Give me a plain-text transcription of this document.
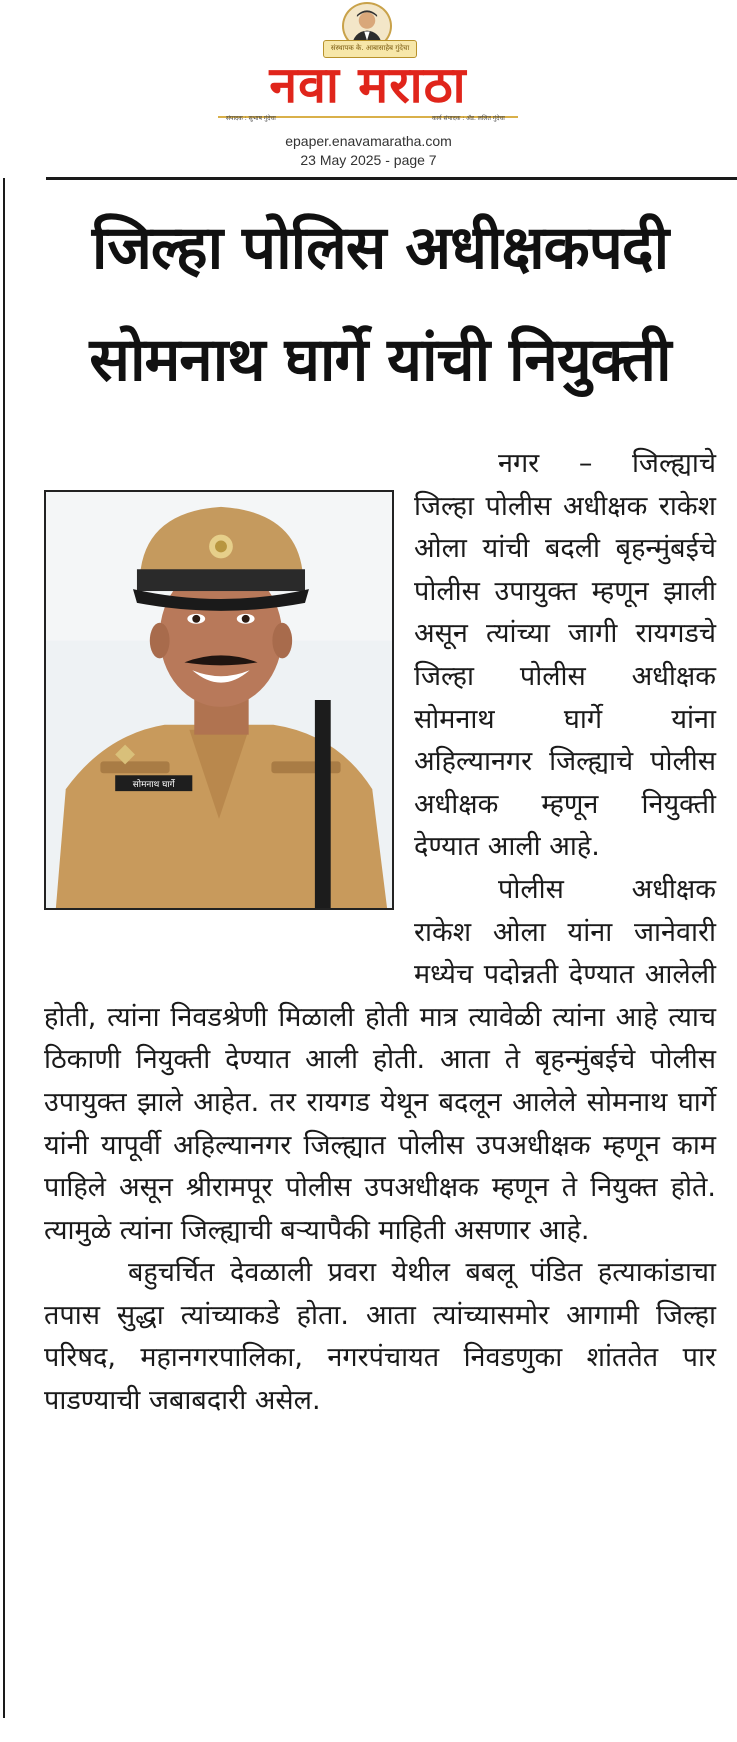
संस्थापक के. आबासाहेब गुंदेचा
नवा मराठा
संपादक : सुभाष गुंदेचा	कार्य संपादक : ॲड. ललित गुंदेचा
epaper.enavamaratha.com
23 May 2025 - page 7
जिल्हा पोलिस अधीक्षकपदी
सोमनाथ घार्गे यांची नियुक्ती
सोमनाथ घार्गे

नगर – जिल्ह्याचे जिल्हा पोलीस अधीक्षक राकेश ओला यांची बदली बृहन्मुंबईचे पोलीस उपायुक्त म्हणून झाली असून त्यांच्या जागी रायगडचे जिल्हा पोलीस अधीक्षक सोमनाथ घार्गे यांना अहिल्यानगर जिल्ह्याचे पोलीस अधीक्षक म्हणून नियुक्ती देण्यात आली आहे.

पोलीस अधीक्षक राकेश ओला यांना जानेवारी मध्येच पदोन्नती देण्यात आलेली होती, त्यांना निवडश्रेणी मिळाली होती मात्र त्यावेळी त्यांना आहे त्याच ठिकाणी नियुक्ती देण्यात आली होती. आता ते बृहन्मुंबईचे पोलीस उपायुक्त झाले आहेत. तर रायगड येथून बदलून आलेले सोमनाथ घार्गे यांनी यापूर्वी अहिल्यानगर जिल्ह्यात पोलीस उपअधीक्षक म्हणून काम पाहिले असून श्रीरामपूर पोलीस उपअधीक्षक म्हणून ते नियुक्त होते. त्यामुळे त्यांना जिल्ह्याची बऱ्यापैकी माहिती असणार आहे.

बहुचर्चित देवळाली प्रवरा येथील बबलू पंडित हत्याकांडाचा तपास सुद्धा त्यांच्याकडे होता. आता त्यांच्यासमोर आगामी जिल्हा परिषद, महानगरपालिका, नगरपंचायत निवडणुका शांततेत पार पाडण्याची जबाबदारी असेल.
